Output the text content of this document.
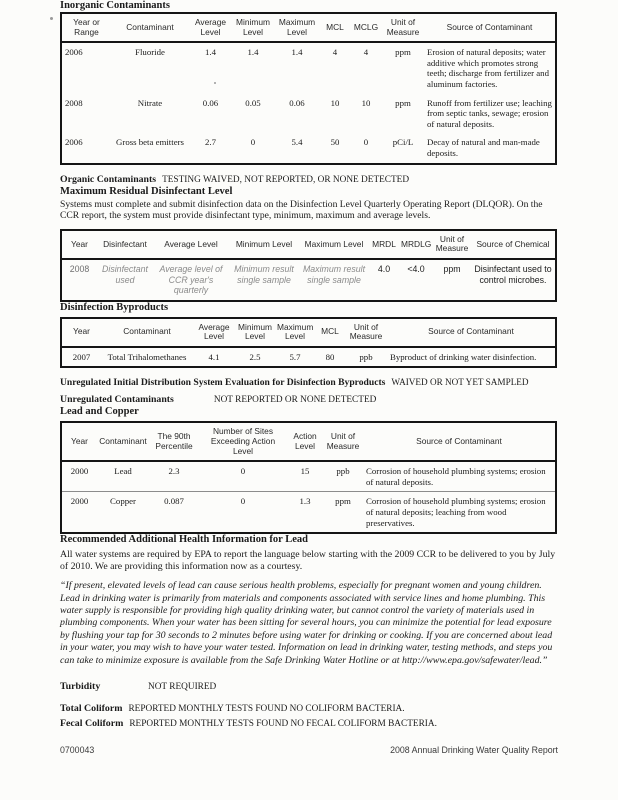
Inorganic Contaminants
Year or Range	Contaminant	Average Level	Minimum Level	Maximum Level	MCL	MCLG	Unit of Measure	Source of Contaminant
2006	Fluoride	1.4	1.4	1.4	4	4	ppm	Erosion of natural deposits; water additive which promotes strong teeth; discharge from fertilizer and aluminum factories.
2008	Nitrate	0.06	0.05	0.06	10	10	ppm	Runoff from fertilizer use; leaching from septic tanks, sewage; erosion of natural deposits.
2006	Gross beta emitters	2.7	0	5.4	50	0	pCi/L	Decay of natural and man-made deposits.

Organic Contaminants TESTING WAIVED, NOT REPORTED, OR NONE DETECTED

Maximum Residual Disinfectant Level

Systems must complete and submit disinfection data on the Disinfection Level Quarterly Operating Report (DLQOR). On the CCR report, the system must provide disinfectant type, minimum, maximum and average levels.

Year	Disinfectant	Average Level	Minimum Level	Maximum Level	MRDL	MRDLG	Unit of Measure	Source of Chemical
2008	Disinfectant used	Average level of CCR year's quarterly	Minimum result single sample	Maximum result single sample	4.0	<4.0	ppm	Disinfectant used to control microbes.
Disinfection Byproducts
Year	Contaminant	Average Level	Minimum Level	Maximum Level	MCL	Unit of Measure	Source of Contaminant
2007	Total Trihalomethanes	4.1	2.5	5.7	80	ppb	Byproduct of drinking water disinfection.

Unregulated Initial Distribution System Evaluation for Disinfection Byproducts WAIVED OR NOT YET SAMPLED

Unregulated Contaminants	NOT REPORTED OR NONE DETECTED

Lead and Copper
Year	Contaminant	The 90th Percentile	Number of Sites Exceeding Action Level	Action Level	Unit of Measure	Source of Contaminant
2000	Lead	2.3	0	15	ppb	Corrosion of household plumbing systems; erosion of natural deposits.
2000	Copper	0.087	0	1.3	ppm	Corrosion of household plumbing systems; erosion of natural deposits; leaching from wood preservatives.
Recommended Additional Health Information for Lead

All water systems are required by EPA to report the language below starting with the 2009 CCR to be delivered to you by July of 2010. We are providing this information now as a courtesy.

“If present, elevated levels of lead can cause serious health problems, especially for pregnant women and young children. Lead in drinking water is primarily from materials and components associated with service lines and home plumbing. This water supply is responsible for providing high quality drinking water, but cannot control the variety of materials used in plumbing components. When your water has been sitting for several hours, you can minimize the potential for lead exposure by flushing your tap for 30 seconds to 2 minutes before using water for drinking or cooking. If you are concerned about lead in your water, you may wish to have your water tested. Information on lead in drinking water, testing methods, and steps you can take to minimize exposure is available from the Safe Drinking Water Hotline or at http://www.epa.gov/safewater/lead.”

Turbidity	NOT REQUIRED

Total Coliform REPORTED MONTHLY TESTS FOUND NO COLIFORM BACTERIA.

Fecal Coliform REPORTED MONTHLY TESTS FOUND NO FECAL COLIFORM BACTERIA.

0700043	2008 Annual Drinking Water Quality Report
